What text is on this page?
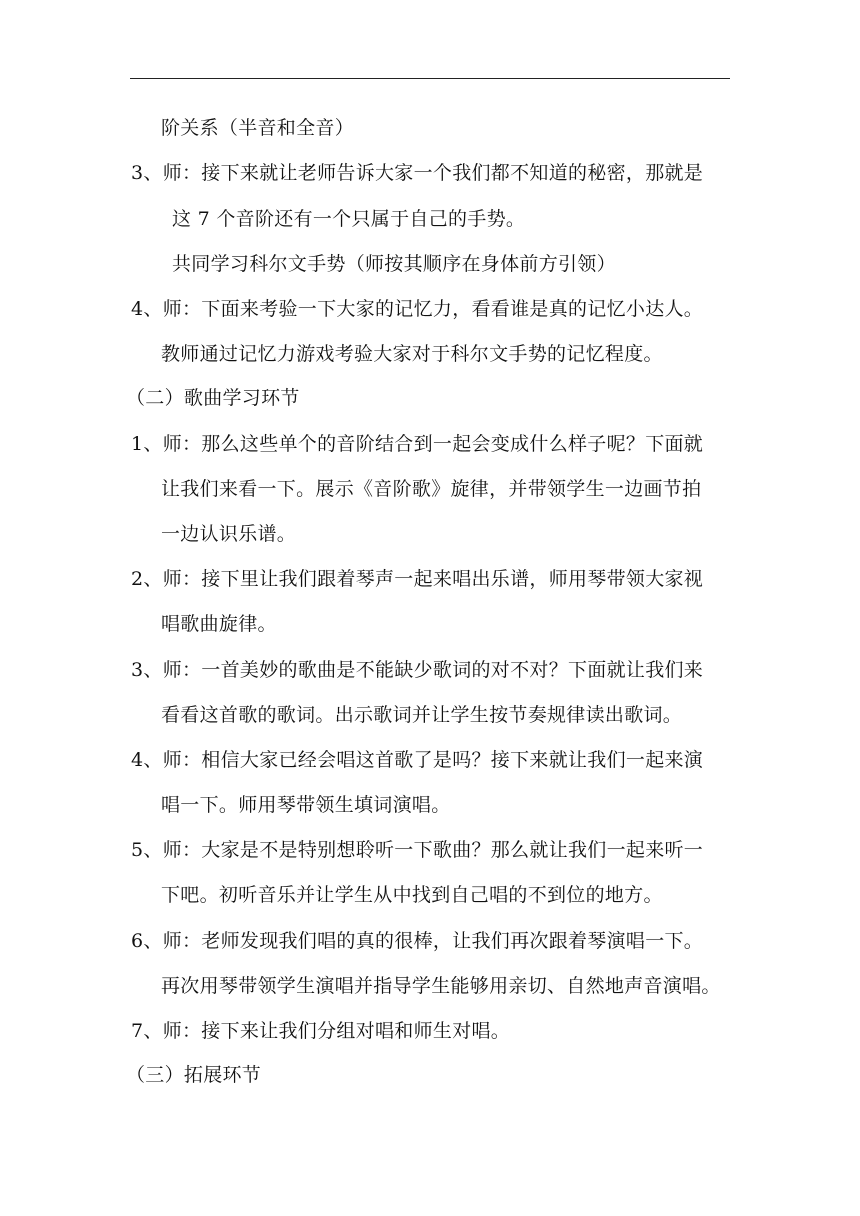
阶关系（半音和全音）
3、师：接下来就让老师告诉大家一个我们都不知道的秘密，那就是
这 7 个音阶还有一个只属于自己的手势。
共同学习科尔文手势（师按其顺序在身体前方引领）
4、师：下面来考验一下大家的记忆力，看看谁是真的记忆小达人。
教师通过记忆力游戏考验大家对于科尔文手势的记忆程度。
（二）歌曲学习环节
1、师：那么这些单个的音阶结合到一起会变成什么样子呢？下面就
让我们来看一下。展示《音阶歌》旋律，并带领学生一边画节拍
一边认识乐谱。
2、师：接下里让我们跟着琴声一起来唱出乐谱，师用琴带领大家视
唱歌曲旋律。
3、师：一首美妙的歌曲是不能缺少歌词的对不对？下面就让我们来
看看这首歌的歌词。出示歌词并让学生按节奏规律读出歌词。
4、师：相信大家已经会唱这首歌了是吗？接下来就让我们一起来演
唱一下。师用琴带领生填词演唱。
5、师：大家是不是特别想聆听一下歌曲？那么就让我们一起来听一
下吧。初听音乐并让学生从中找到自己唱的不到位的地方。
6、师：老师发现我们唱的真的很棒，让我们再次跟着琴演唱一下。
再次用琴带领学生演唱并指导学生能够用亲切、自然地声音演唱。
7、师：接下来让我们分组对唱和师生对唱。
（三）拓展环节
